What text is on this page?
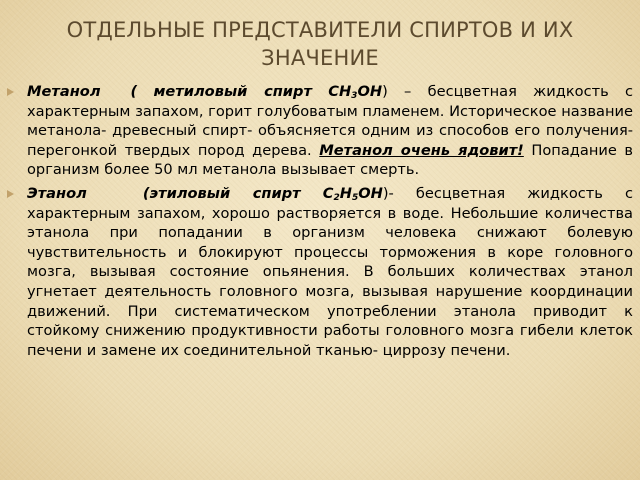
ОТДЕЛЬНЫЕ ПРЕДСТАВИТЕЛИ СПИРТОВ И ИХ ЗНАЧЕНИЕ
Метанол ( метиловый спирт $CH_3OH$) – бесцветная жидкость с характерным запахом, горит голубоватым пламенем. Историческое название метанола- древесный спирт- объясняется одним из способов его получения- перегонкой твердых пород дерева. Метанол очень ядовит! Попадание в организм более 50 мл метанола вызывает смерть.
Этанол	(этиловый спирт $C_2H_5OH)-$ бесцветная жидкость с характерным запахом, хорошо растворяется в воде. Небольшие количества этанола при попадании в организм человека снижают болевую чувствительность и блокируют процессы торможения в коре головного мозга, вызывая состояние опьянения. В больших количествах этанол угнетает деятельность головного мозга, вызывая нарушение координации движений. При систематическом употреблении этанола приводит к стойкому снижению продуктивности работы головного мозга гибели клеток печени и замене их соединительной тканью- циррозу печени.
